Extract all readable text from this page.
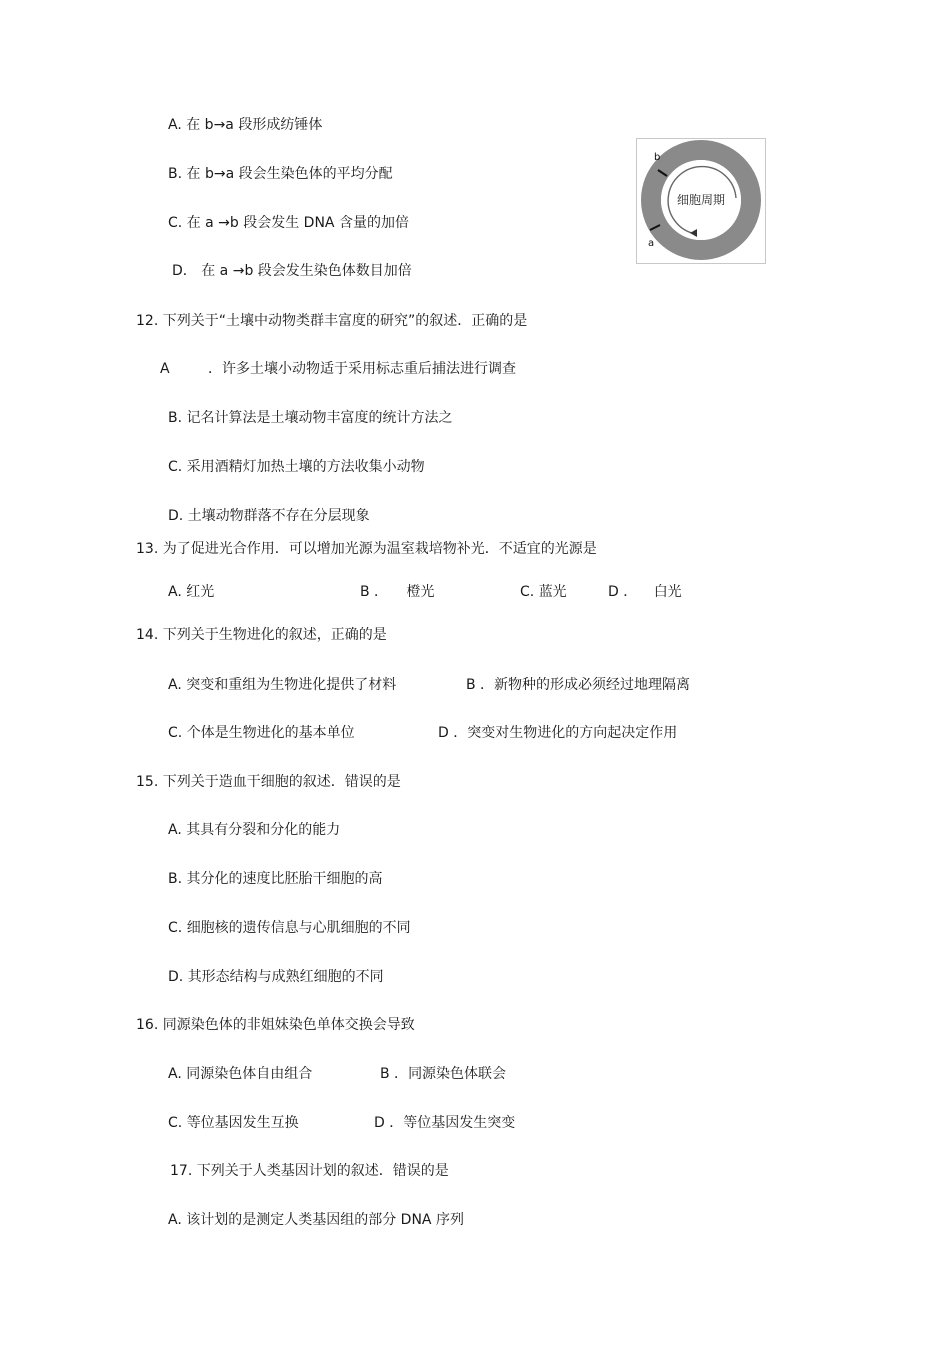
A. 在 b→a 段形成纺锤体
B. 在 b→a 段会生染色体的平均分配
C. 在 a →b 段会发生 DNA 含量的加倍
D． 在 a →b 段会发生染色体数目加倍
b
a
细胞周期
12. 下列关于“土壤中动物类群丰富度的研究”的叙述．正确的是
A	．许多土壤小动物适于采用标志重后捕法进行调查
B. 记名计算法是土壤动物丰富度的统计方法之
C. 采用酒精灯加热土壤的方法收集小动物
D. 土壤动物群落不存在分层现象
13. 为了促进光合作用．可以增加光源为温室栽培物补光．不适宜的光源是
A. 红光	B ． 橙光	C. 蓝光	D ． 白光
14. 下列关于生物进化的叙述，正确的是
A. 突变和重组为生物进化提供了材料	B ．新物种的形成必须经过地理隔离
C. 个体是生物进化的基本单位	D ．突变对生物进化的方向起决定作用
15. 下列关于造血干细胞的叙述．错误的是
A. 其具有分裂和分化的能力
B. 其分化的速度比胚胎干细胞的高
C. 细胞核的遗传信息与心肌细胞的不同
D. 其形态结构与成熟红细胞的不同
16. 同源染色体的非姐妹染色单体交换会导致
A. 同源染色体自由组合	B ．同源染色体联会
C. 等位基因发生互换	D ．等位基因发生突变
17. 下列关于人类基因计划的叙述．错误的是
A. 该计划的是测定人类基因组的部分 DNA 序列
